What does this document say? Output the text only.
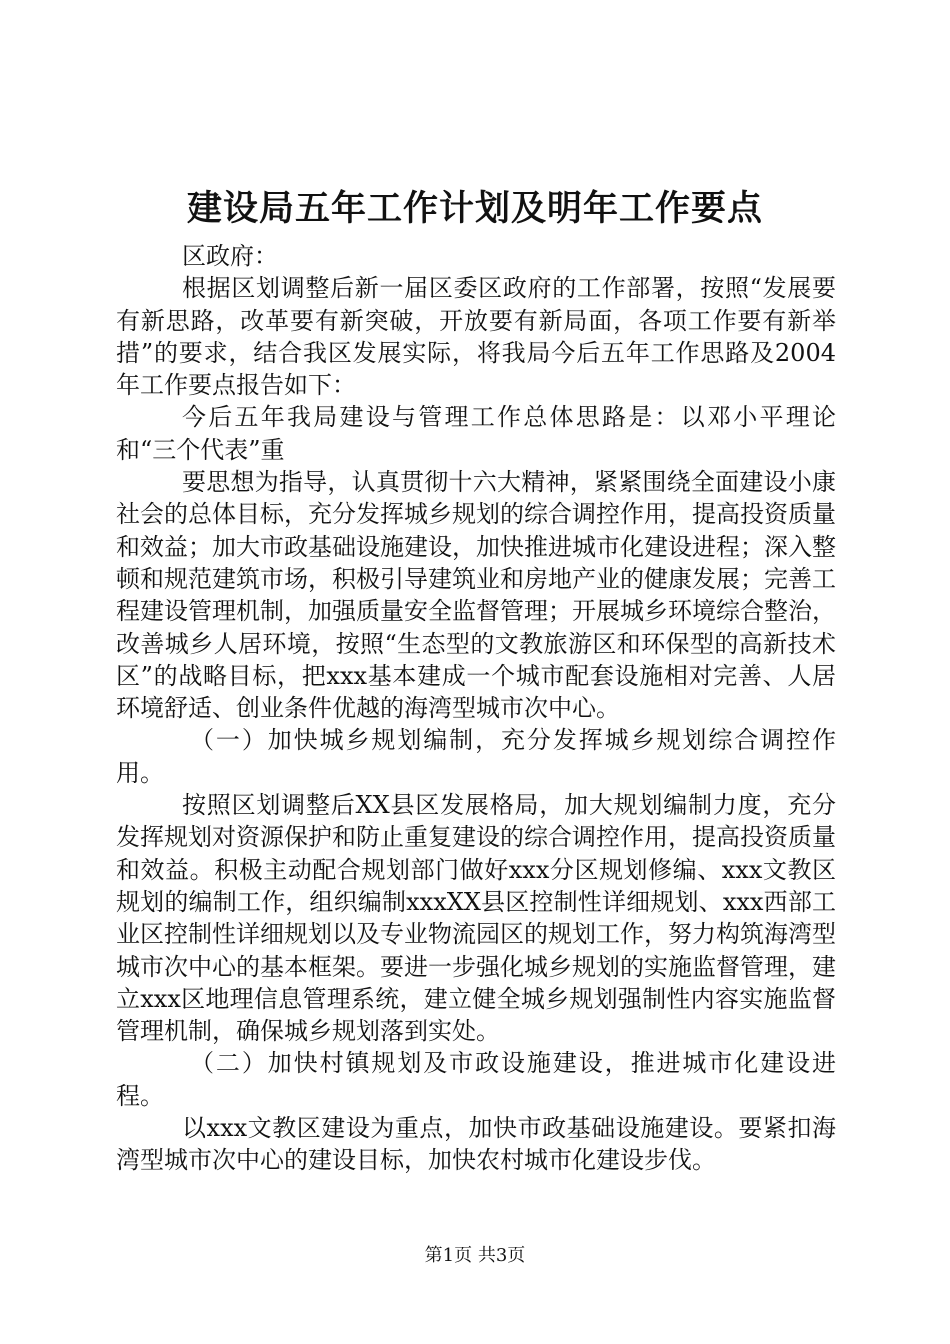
建设局五年工作计划及明年工作要点

区政府：

根据区划调整后新一届区委区政府的工作部署，按照“发展要有新思路，改革要有新突破，开放要有新局面，各项工作要有新举措”的要求，结合我区发展实际，将我局今后五年工作思路及2004年工作要点报告如下：

今后五年我局建设与管理工作总体思路是：以邓小平理论和“三个代表”重

要思想为指导，认真贯彻十六大精神，紧紧围绕全面建设小康社会的总体目标，充分发挥城乡规划的综合调控作用，提高投资质量和效益；加大市政基础设施建设，加快推进城市化建设进程；深入整顿和规范建筑市场，积极引导建筑业和房地产业的健康发展；完善工程建设管理机制，加强质量安全监督管理；开展城乡环境综合整治，改善城乡人居环境，按照“生态型的文教旅游区和环保型的高新技术区”的战略目标，把xxx基本建成一个城市配套设施相对完善、人居环境舒适、创业条件优越的海湾型城市次中心。

（一）加快城乡规划编制，充分发挥城乡规划综合调控作用。

按照区划调整后XX县区发展格局，加大规划编制力度，充分发挥规划对资源保护和防止重复建设的综合调控作用，提高投资质量和效益。积极主动配合规划部门做好xxx分区规划修编、xxx文教区规划的编制工作，组织编制xxxXX县区控制性详细规划、xxx西部工业区控制性详细规划以及专业物流园区的规划工作，努力构筑海湾型城市次中心的基本框架。要进一步强化城乡规划的实施监督管理，建立xxx区地理信息管理系统，建立健全城乡规划强制性内容实施监督管理机制，确保城乡规划落到实处。

（二）加快村镇规划及市政设施建设，推进城市化建设进程。

以xxx文教区建设为重点，加快市政基础设施建设。要紧扣海湾型城市次中心的建设目标，加快农村城市化建设步伐。

第1页 共3页
